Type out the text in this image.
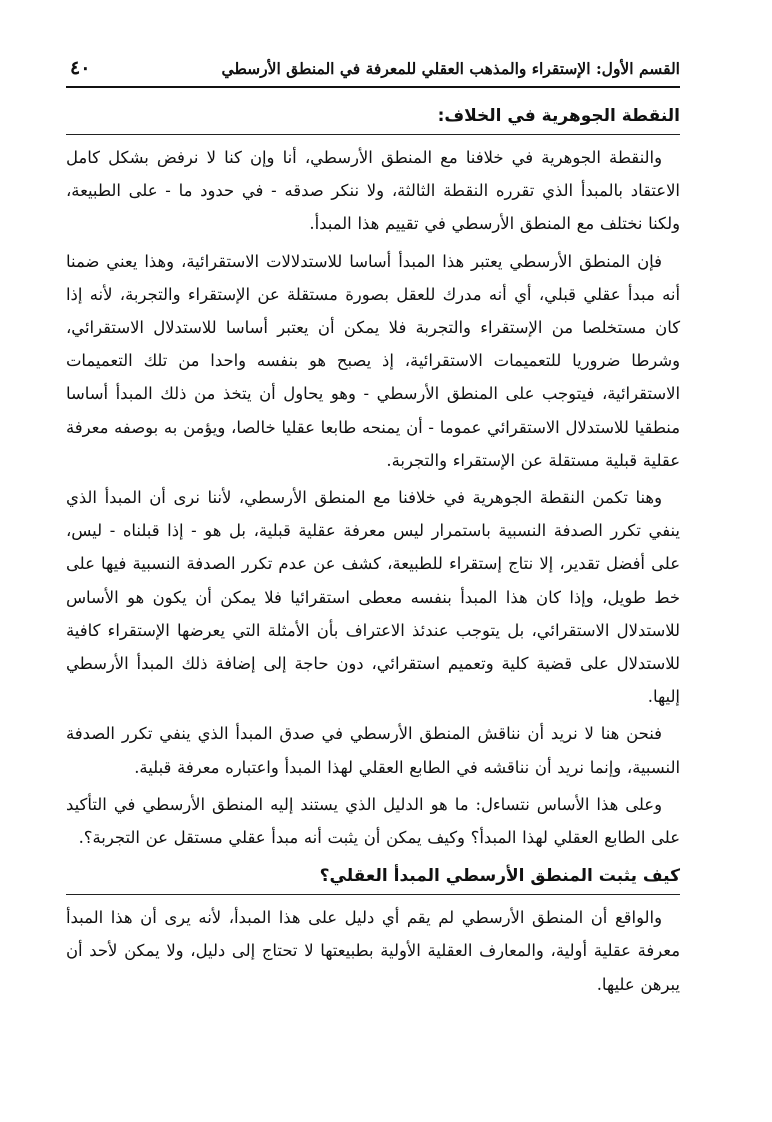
القسم الأول: الإستقراء والمذهب العقلي للمعرفة في المنطق الأرسطي
٤٠
النقطة الجوهرية في الخلاف:

والنقطة الجوهرية في خلافنا مع المنطق الأرسطي، أنا وإن كنا لا نرفض بشكل كامل الاعتقاد بالمبدأ الذي تقرره النقطة الثالثة، ولا ننكر صدقه - في حدود ما - على الطبيعة، ولكنا نختلف مع المنطق الأرسطي في تقييم هذا المبدأ.

فإن المنطق الأرسطي يعتبر هذا المبدأ أساسا للاستدلالات الاستقرائية، وهذا يعني ضمنا أنه مبدأ عقلي قبلي، أي أنه مدرك للعقل بصورة مستقلة عن الإستقراء والتجربة، لأنه إذا كان مستخلصا من الإستقراء والتجربة فلا يمكن أن يعتبر أساسا للاستدلال الاستقرائي، وشرطا ضروريا للتعميمات الاستقرائية، إذ يصبح هو بنفسه واحدا من تلك التعميمات الاستقرائية، فيتوجب على المنطق الأرسطي - وهو يحاول أن يتخذ من ذلك المبدأ أساسا منطقيا للاستدلال الاستقرائي عموما - أن يمنحه طابعا عقليا خالصا، ويؤمن به بوصفه معرفة عقلية قبلية مستقلة عن الإستقراء والتجربة.

وهنا تكمن النقطة الجوهرية في خلافنا مع المنطق الأرسطي، لأننا نرى أن المبدأ الذي ينفي تكرر الصدفة النسبية باستمرار ليس معرفة عقلية قبلية، بل هو - إذا قبلناه - ليس، على أفضل تقدير، إلا نتاج إستقراء للطبيعة، كشف عن عدم تكرر الصدفة النسبية فيها على خط طويل، وإذا كان هذا المبدأ بنفسه معطى استقرائيا فلا يمكن أن يكون هو الأساس للاستدلال الاستقرائي، بل يتوجب عندئذ الاعتراف بأن الأمثلة التي يعرضها الإستقراء كافية للاستدلال على قضية كلية وتعميم استقرائي، دون حاجة إلى إضافة ذلك المبدأ الأرسطي إليها.

فنحن هنا لا نريد أن نناقش المنطق الأرسطي في صدق المبدأ الذي ينفي تكرر الصدفة النسبية، وإنما نريد أن نناقشه في الطابع العقلي لهذا المبدأ واعتباره معرفة قبلية.

وعلى هذا الأساس نتساءل: ما هو الدليل الذي يستند إليه المنطق الأرسطي في التأكيد على الطابع العقلي لهذا المبدأ؟ وكيف يمكن أن يثبت أنه مبدأ عقلي مستقل عن التجربة؟.

كيف يثبت المنطق الأرسطي المبدأ العقلي؟

والواقع أن المنطق الأرسطي لم يقم أي دليل على هذا المبدأ، لأنه يرى أن هذا المبدأ معرفة عقلية أولية، والمعارف العقلية الأولية بطبيعتها لا تحتاج إلى دليل، ولا يمكن لأحد أن يبرهن عليها.
